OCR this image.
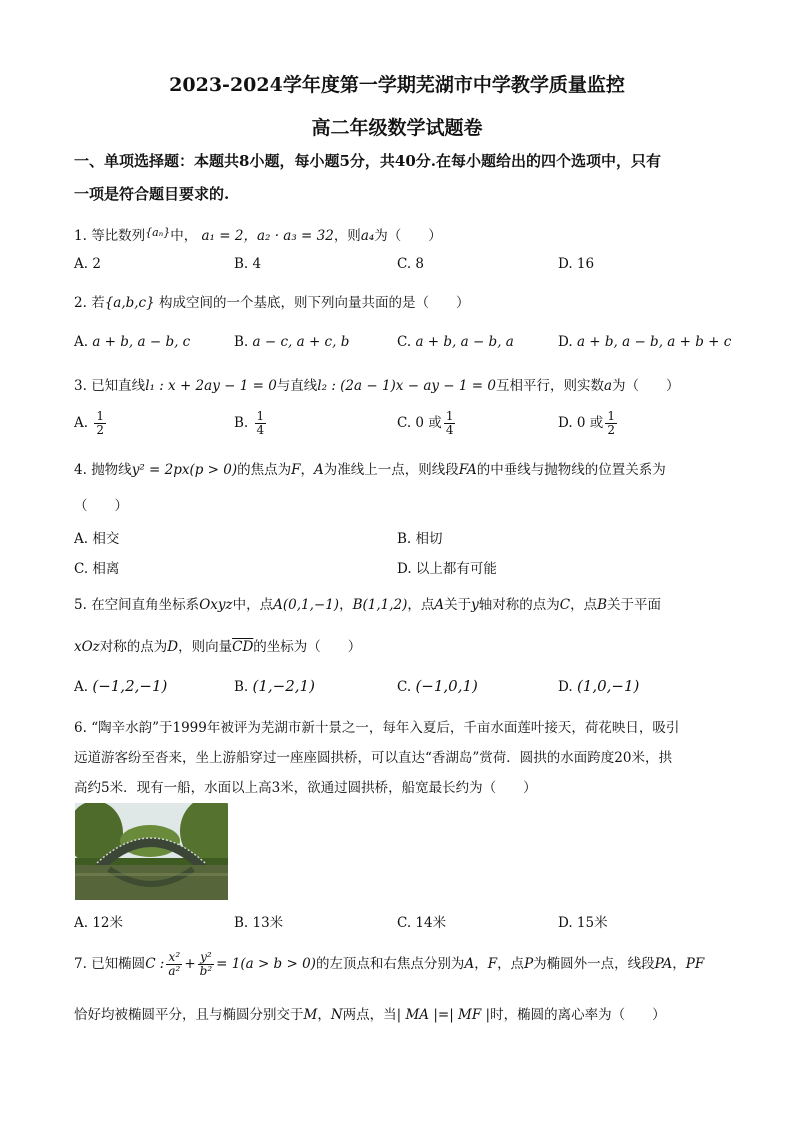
2023-2024学年度第一学期芜湖市中学教学质量监控
高二年级数学试题卷
一、单项选择题：本题共8小题，每小题5分，共40分.在每小题给出的四个选项中，只有
一项是符合题目要求的.
1. 等比数列$^{\{a_n\}}$中， a₁ = 2，a₂ · a₃ = 32，则a₄为（　　）
A. 2	B. 4	C. 8	D. 16
2. 若{a,b,c} 构成空间的一个基底，则下列向量共面的是（　　）
A. a + b, a − b, c	B. a − c, a + c, b	C. a + b, a − b, a	D. a + b, a − b, a + b + c
3. 已知直线l₁ : x + 2ay − 1 = 0与直线l₂ : (2a − 1)x − ay − 1 = 0互相平行，则实数a为（　　）
A. $\frac{1}{2}$	B. $\frac{1}{4}$	C. 0 或 $\frac{1}{4}$	D. 0 或 $\frac{1}{2}$
4. 抛物线y² = 2px(p > 0)的焦点为F，A为准线上一点，则线段FA的中垂线与抛物线的位置关系为
（　　）
A. 相交	B. 相切
C. 相离	D. 以上都有可能
5. 在空间直角坐标系Oxyz中，点A(0,1,−1)，B(1,1,2)，点A关于y轴对称的点为C，点B关于平面
xOz对称的点为D，则向量$\overline{CD}$的坐标为（　　）
A. (−1,2,−1)	B. (1,−2,1)	C. (−1,0,1)	D. (1,0,−1)
6. “陶辛水韵”于1999年被评为芜湖市新十景之一，每年入夏后，千亩水面莲叶接天，荷花映日，吸引
远道游客纷至沓来，坐上游船穿过一座座圆拱桥，可以直达“香湖岛”赏荷．圆拱的水面跨度20米，拱
高约5米．现有一船，水面以上高3米，欲通过圆拱桥，船宽最长约为（　　）
A. 12米	B. 13米	C. 14米	D. 15米
7. 已知椭圆C : $\frac{\text{x²}}{\text{a²}} + \frac{\text{y²}}{\text{b²}} = 1(a > b > 0)$的左顶点和右焦点分别为A，F，点P为椭圆外一点，线段PA，PF
恰好均被椭圆平分，且与椭圆分别交于M，N两点，当| MA |=| MF |时，椭圆的离心率为（　　）
